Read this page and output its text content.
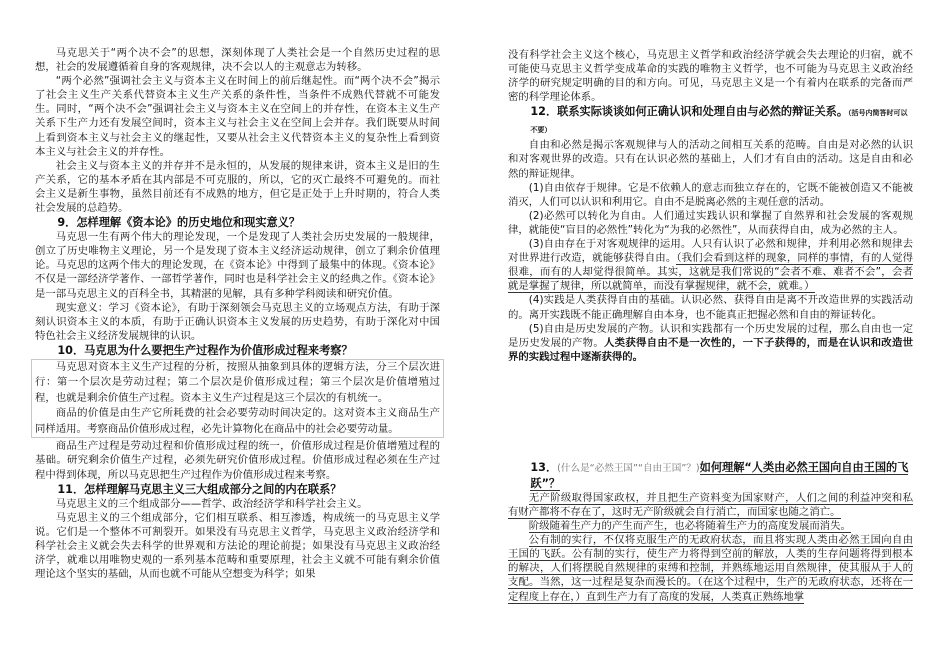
马克思关于“两个决不会”的思想，深刻体现了人类社会是一个自然历史过程的思想，社会的发展遵循着自身的客观规律，决不会以人的主观意志为转移。

“两个必然”强调社会主义与资本主义在时间上的前后继起性。而“两个决不会”揭示了社会主义生产关系代替资本主义生产关系的条件性，当条件不成熟代替就不可能发生。同时，“两个决不会”强调社会主义与资本主义在空间上的并存性，在资本主义生产关系下生产力还有发展空间时，资本主义与社会主义在空间上会并存。我们既要从时间上看到资本主义与社会主义的继起性，又要从社会主义代替资本主义的复杂性上看到资本主义与社会主义的并存性。

社会主义与资本主义的并存并不是永恒的，从发展的规律来讲，资本主义是旧的生产关系，它的基本矛盾在其内部是不可克服的，所以，它的灭亡最终不可避免的。而社会主义是新生事物，虽然目前还有不成熟的地方，但它是正处于上升时期的，符合人类社会发展的总趋势。

9．怎样理解《资本论》的历史地位和现实意义？

马克思一生有两个伟大的理论发现，一个是发现了人类社会历史发展的一般规律，创立了历史唯物主义理论，另一个是发现了资本主义经济运动规律，创立了剩余价值理论。马克思的这两个伟大的理论发现，在《资本论》中得到了最集中的体现。《资本论》不仅是一部经济学著作、一部哲学著作，同时也是科学社会主义的经典之作。《资本论》是一部马克思主义的百科全书，其精湛的见解，具有多种学科阅读和研究价值。

现实意义：学习《资本论》，有助于深刻领会马克思主义的立场观点方法，有助于深刻认识资本主义的本质，有助于正确认识资本主义发展的历史趋势，有助于深化对中国特色社会主义经济发展规律的认识。

10．马克思为什么要把生产过程作为价值形成过程来考察？

马克思对资本主义生产过程的分析，按照从抽象到具体的逻辑方法，分三个层次进行：第一个层次是劳动过程；第二个层次是价值形成过程；第三个层次是价值增殖过程，也就是剩余价值生产过程。资本主义生产过程是这三个层次的有机统一。

商品的价值是由生产它所耗费的社会必要劳动时间决定的。这对资本主义商品生产同样适用。考察商品价值形成过程，必先计算物化在商品中的社会必要劳动量。

商品生产过程是劳动过程和价值形成过程的统一，价值形成过程是价值增殖过程的基础。研究剩余价值生产过程，必须先研究价值形成过程。价值形成过程必须在生产过程中得到体现，所以马克思把生产过程作为价值形成过程来考察。

11．怎样理解马克思主义三大组成部分之间的内在联系？

马克思主义的三个组成部分——哲学、政治经济学和科学社会主义。

马克思主义的三个组成部分，它们相互联系、相互渗透，构成统一的马克思主义学说。它们是一个整体不可割裂开。如果没有马克思主义哲学，马克思主义政治经济学和科学社会主义就会失去科学的世界观和方法论的理论前提；如果没有马克思主义政治经济学，就难以用唯物史观的一系列基本范畴和重要原理，社会主义就不可能有剩余价值理论这个坚实的基础，从而也就不可能从空想变为科学；如果

没有科学社会主义这个核心，马克思主义哲学和政治经济学就会失去理论的归宿，就不可能使马克思主义哲学变成革命的实践的唯物主义哲学，也不可能为马克思主义政治经济学的研究规定明确的目的和方向。可见，马克思主义是一个有着内在联系的完备而严密的科学理论体系。

12．联系实际谈谈如何正确认识和处理自由与必然的辩证关系。（括号内简答时可以不要）

自由和必然是揭示客观规律与人的活动之间相互关系的范畴。自由是对必然的认识和对客观世界的改造。只有在认识必然的基础上，人们才有自由的活动。这是自由和必然的辩证规律。

(1)自由依存于规律。它是不依赖人的意志而独立存在的，它既不能被创造又不能被消灭，人们可以认识和利用它。自由不是脱离必然的主观任意的活动。

(2)必然可以转化为自由。人们通过实践认识和掌握了自然界和社会发展的客观规律，就能使“盲目的必然性”转化为“为我的必然性”，从而获得自由，成为必然的主人。

(3)自由存在于对客观规律的运用。人只有认识了必然和规律，并利用必然和规律去对世界进行改造，就能够获得自由。（我们会看到这样的现象，同样的事情，有的人觉得很难，而有的人却觉得很简单。其实，这就是我们常说的“会者不难、难者不会”，会者就是掌握了规律，所以就简单，而没有掌握规律，就不会，就难。）

(4)实践是人类获得自由的基础。认识必然、获得自由是离不开改造世界的实践活动的。离开实践既不能正确理解自由本身，也不能真正把握必然和自由的辩证转化。

(5)自由是历史发展的产物。认识和实践都有一个历史发展的过程，那么自由也一定是历史发展的产物。人类获得自由不是一次性的，一下子获得的，而是在认识和改造世界的实践过程中逐渐获得的。

13．(什么是“必然王国”“自由王国”？)如何理解“人类由必然王国向自由王国的飞跃”？

无产阶级取得国家政权，并且把生产资料变为国家财产，人们之间的利益冲突和私有财产都将不存在了，这时无产阶级就会自行消亡，而国家也随之消亡。

阶级随着生产力的产生而产生，也必将随着生产力的高度发展而消失。

公有制的实行，不仅将克服生产的无政府状态，而且将实现人类由必然王国向自由王国的飞跃。公有制的实行，使生产力将得到空前的解放，人类的生存问题将得到根本的解决，人们将摆脱自然规律的束缚和控制，并熟练地运用自然规律，使其服从于人的支配。当然，这一过程是复杂而漫长的。（在这个过程中，生产的无政府状态，还将在一定程度上存在，）直到生产力有了高度的发展，人类真正熟练地掌
